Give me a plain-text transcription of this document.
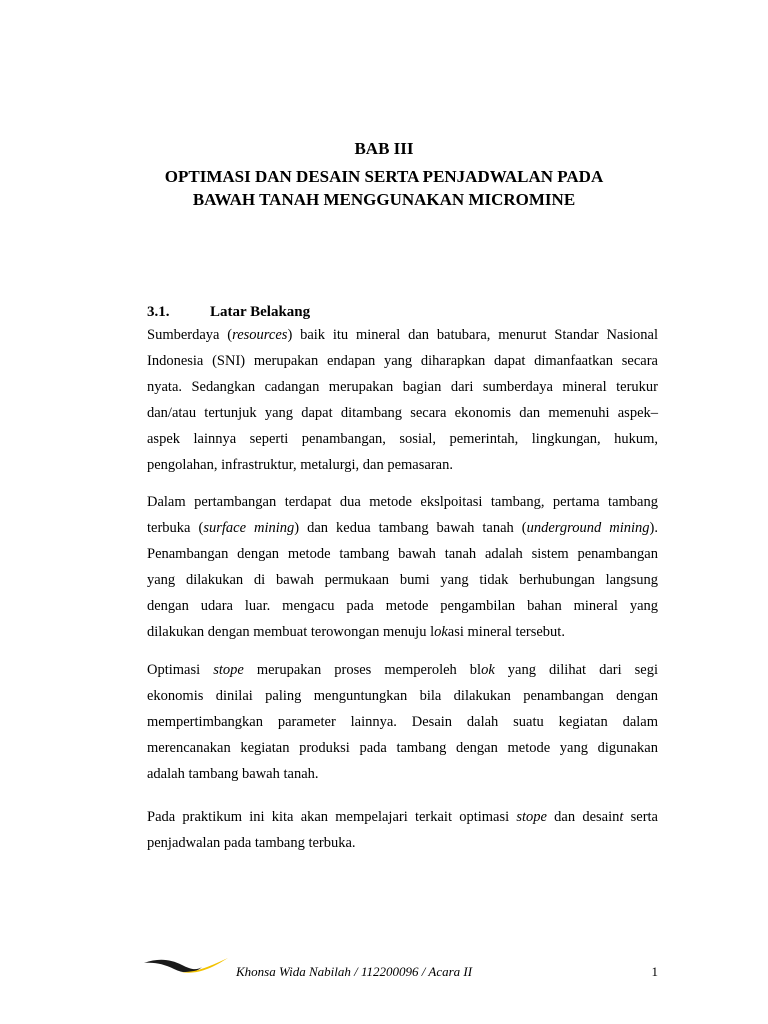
BAB III
OPTIMASI DAN DESAIN SERTA PENJADWALAN PADA
BAWAH TANAH MENGGUNAKAN MICROMINE
3.1.	Latar Belakang
Sumberdaya (resources) baik itu mineral dan batubara, menurut Standar Nasional
Indonesia (SNI) merupakan endapan yang diharapkan dapat dimanfaatkan secara
nyata. Sedangkan cadangan merupakan bagian dari sumberdaya mineral terukur
dan/atau tertunjuk yang dapat ditambang secara ekonomis dan memenuhi aspek–
aspek lainnya seperti penambangan, sosial, pemerintah, lingkungan, hukum,
pengolahan, infrastruktur, metalurgi, dan pemasaran.
Dalam pertambangan terdapat dua metode ekslpoitasi tambang, pertama tambang
terbuka (surface mining) dan kedua tambang bawah tanah (underground mining).
Penambangan dengan metode tambang bawah tanah adalah sistem penambangan
yang dilakukan di bawah permukaan bumi yang tidak berhubungan langsung
dengan udara luar. mengacu pada metode pengambilan bahan mineral yang
dilakukan dengan membuat terowongan menuju lokasi mineral tersebut.
Optimasi stope merupakan proses memperoleh blok yang dilihat dari segi
ekonomis dinilai paling menguntungkan bila dilakukan penambangan dengan
mempertimbangkan parameter lainnya. Desain dalah suatu kegiatan dalam
merencanakan kegiatan produksi pada tambang dengan metode yang digunakan
adalah tambang bawah tanah.
Pada praktikum ini kita akan mempelajari terkait optimasi stope dan desaint serta
penjadwalan pada tambang terbuka.
Khonsa Wida Nabilah / 112200096 / Acara II	1
